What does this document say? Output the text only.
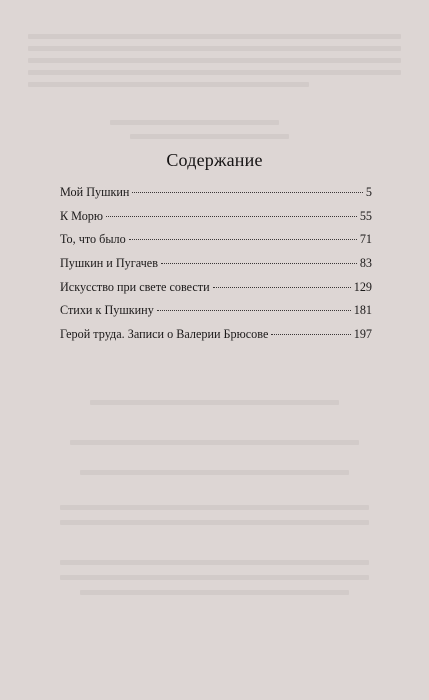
Содержание
Мой Пушкин	5
К Морю	55
То, что было	71
Пушкин и Пугачев	83
Искусство при свете совести	129
Стихи к Пушкину	181
Герой труда. Записи о Валерии Брюсове	197
